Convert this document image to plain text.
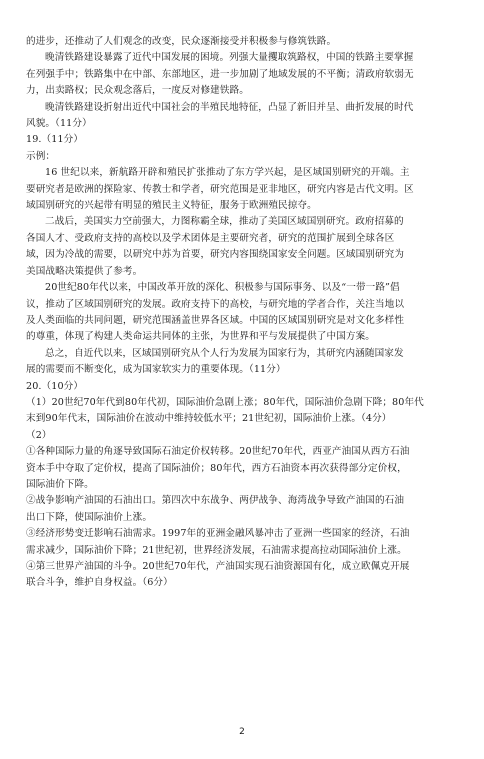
的进步，还推动了人们观念的改变，民众逐渐接受并积极参与修筑铁路。
晚清铁路建设暴露了近代中国发展的困境。列强大量攫取筑路权，中国的铁路主要掌握
在列强手中；铁路集中在中部、东部地区，进一步加剧了地域发展的不平衡；清政府软弱无
力，出卖路权；民众观念落后，一度反对修建铁路。
晚清铁路建设折射出近代中国社会的半殖民地特征，凸显了新旧并呈、曲折发展的时代
风貌。（11分）
19.（11分）
示例：
16 世纪以来，新航路开辟和殖民扩张推动了东方学兴起，是区域国别研究的开端。主
要研究者是欧洲的探险家、传教士和学者，研究范围是亚非地区，研究内容是古代文明。区
域国别研究的兴起带有明显的殖民主义特征，服务于欧洲殖民掠夺。
二战后，美国实力空前强大，力图称霸全球，推动了美国区域国别研究。政府招募的
各国人才、受政府支持的高校以及学术团体是主要研究者，研究的范围扩展到全球各区
域，因为冷战的需要，以研究中苏为首要，研究内容围绕国家安全问题。区域国别研究为
美国战略决策提供了参考。
20世纪80年代以来，中国改革开放的深化、积极参与国际事务、以及“一带一路”倡
议，推动了区域国别研究的发展。政府支持下的高校，与研究地的学者合作，关注当地以
及人类面临的共同问题，研究范围涵盖世界各区域。中国的区域国别研究是对文化多样性
的尊重，体现了构建人类命运共同体的主张，为世界和平与发展提供了中国方案。
总之，自近代以来，区域国别研究从个人行为发展为国家行为，其研究内涵随国家发
展的需要而不断变化，成为国家软实力的重要体现。（11分）
20.（10分）
（1）20世纪70年代到80年代初，国际油价急剧上涨；80年代，国际油价急剧下降；80年代
末到90年代末，国际油价在波动中维持较低水平；21世纪初，国际油价上涨。（4分）
（2）
①各种国际力量的角逐导致国际石油定价权转移。20世纪70年代，西亚产油国从西方石油
资本手中夺取了定价权，提高了国际油价；80年代，西方石油资本再次获得部分定价权，
国际油价下降。
②战争影响产油国的石油出口。第四次中东战争、两伊战争、海湾战争导致产油国的石油
出口下降，使国际油价上涨。
③经济形势变迁影响石油需求。1997年的亚洲金融风暴冲击了亚洲一些国家的经济，石油
需求减少，国际油价下降；21世纪初，世界经济发展，石油需求提高拉动国际油价上涨。
④第三世界产油国的斗争。20世纪70年代，产油国实现石油资源国有化，成立欧佩克开展
联合斗争，维护自身权益。（6分）
2
